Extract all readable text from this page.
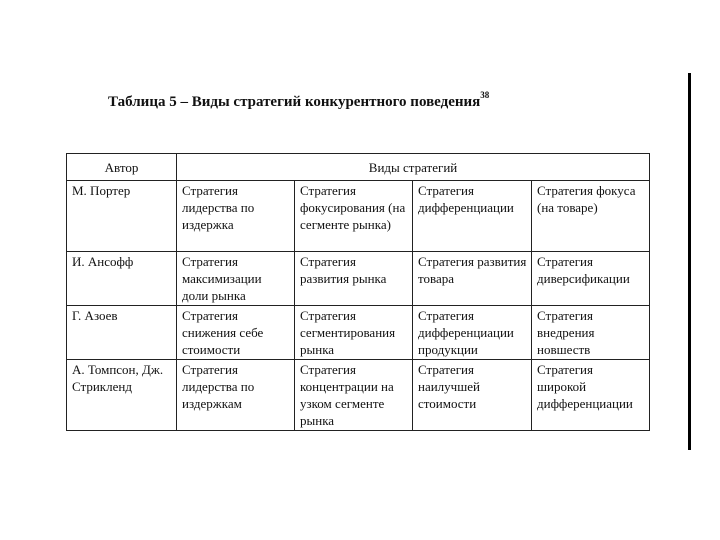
Таблица 5 – Виды стратегий конкурентного поведения$^{38}$
Автор	Виды стратегий			
М. Портер	Стратегия лидерства по издержка	Стратегия фокусирования (на сегменте рынка)	Стратегия дифференциации	Стратегия фокуса (на товаре)
И. Ансофф	Стратегия максимизации доли рынка	Стратегия развития рынка	Стратегия развития товара	Стратегия диверсификации
Г. Азоев	Стратегия снижения себе стоимости	Стратегия сегментирования рынка	Стратегия дифференциации продукции	Стратегия внедрения новшеств
А. Томпсон, Дж. Стрикленд	Стратегия лидерства по издержкам	Стратегия концентрации на узком сегменте рынка	Стратегия наилучшей стоимости	Стратегия широкой дифференциации
